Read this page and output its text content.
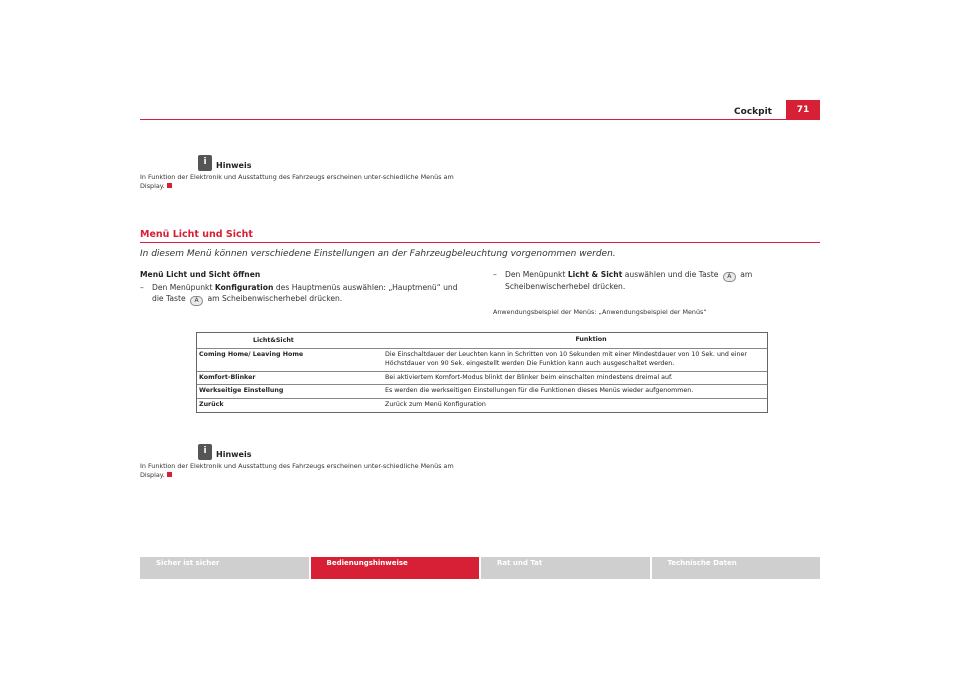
Cockpit	71
i	Hinweis
In Funktion der Elektronik und Ausstattung des Fahrzeugs erscheinen unter-schiedliche Menüs am Display.
Menü Licht und Sicht
In diesem Menü können verschiedene Einstellungen an der Fahrzeugbeleuchtung vorgenommen werden.
Menü Licht und Sicht öffnen
– Den Menüpunkt Konfiguration des Hauptmenüs auswählen: „Hauptmenü“ und die Taste A am Scheibenwischerhebel drücken.
– Den Menüpunkt Licht & Sicht auswählen und die Taste A am Scheibenwischerhebel drücken.
Anwendungsbeispiel der Menüs: „Anwendungsbeispiel der Menüs“
Licht&Sicht	Funktion
Coming Home/ Leaving Home	Die Einschaltdauer der Leuchten kann in Schritten von 10 Sekunden mit einer Mindestdauer von 10 Sek. und einer Höchstdauer von 90 Sek. eingestellt werden Die Funktion kann auch ausgeschaltet werden.
Komfort-Blinker	Bei aktiviertem Komfort-Modus blinkt der Blinker beim einschalten mindestens dreimal auf.
Werkseitige Einstellung	Es werden die werkseitigen Einstellungen für die Funktionen dieses Menüs wieder aufgenommen.
Zurück	Zurück zum Menü Konfiguration
i	Hinweis
In Funktion der Elektronik und Ausstattung des Fahrzeugs erscheinen unter-schiedliche Menüs am Display.
Sicher ist sicher	Bedienungshinweise	Rat und Tat	Technische Daten
